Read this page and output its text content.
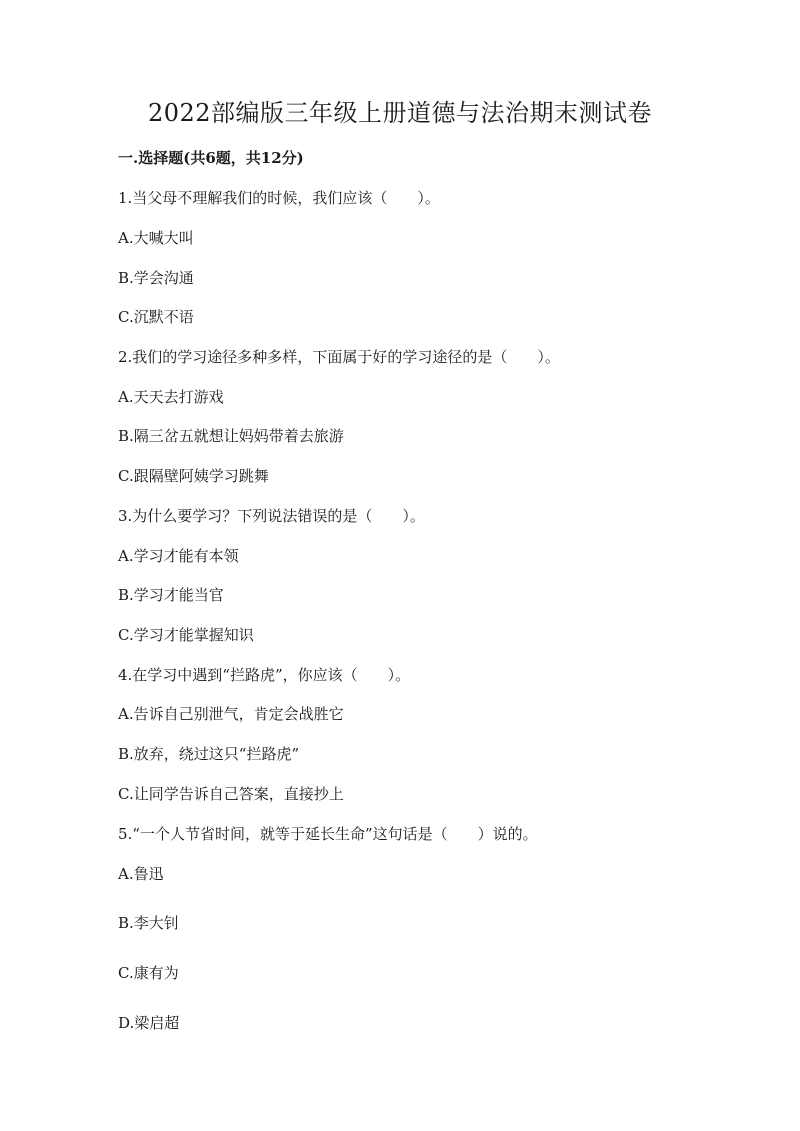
2022部编版三年级上册道德与法治期末测试卷
一.选择题(共6题，共12分)
1.当父母不理解我们的时候，我们应该（　　）。
A.大喊大叫
B.学会沟通
C.沉默不语
2.我们的学习途径多种多样，下面属于好的学习途径的是（　　）。
A.天天去打游戏
B.隔三岔五就想让妈妈带着去旅游
C.跟隔壁阿姨学习跳舞
3.为什么要学习？下列说法错误的是（　　）。
A.学习才能有本领
B.学习才能当官
C.学习才能掌握知识
4.在学习中遇到“拦路虎”，你应该（　　）。
A.告诉自己别泄气，肯定会战胜它
B.放弃，绕过这只“拦路虎”
C.让同学告诉自己答案，直接抄上
5.“一个人节省时间，就等于延长生命”这句话是（　　）说的。
A.鲁迅
B.李大钊
C.康有为
D.梁启超
